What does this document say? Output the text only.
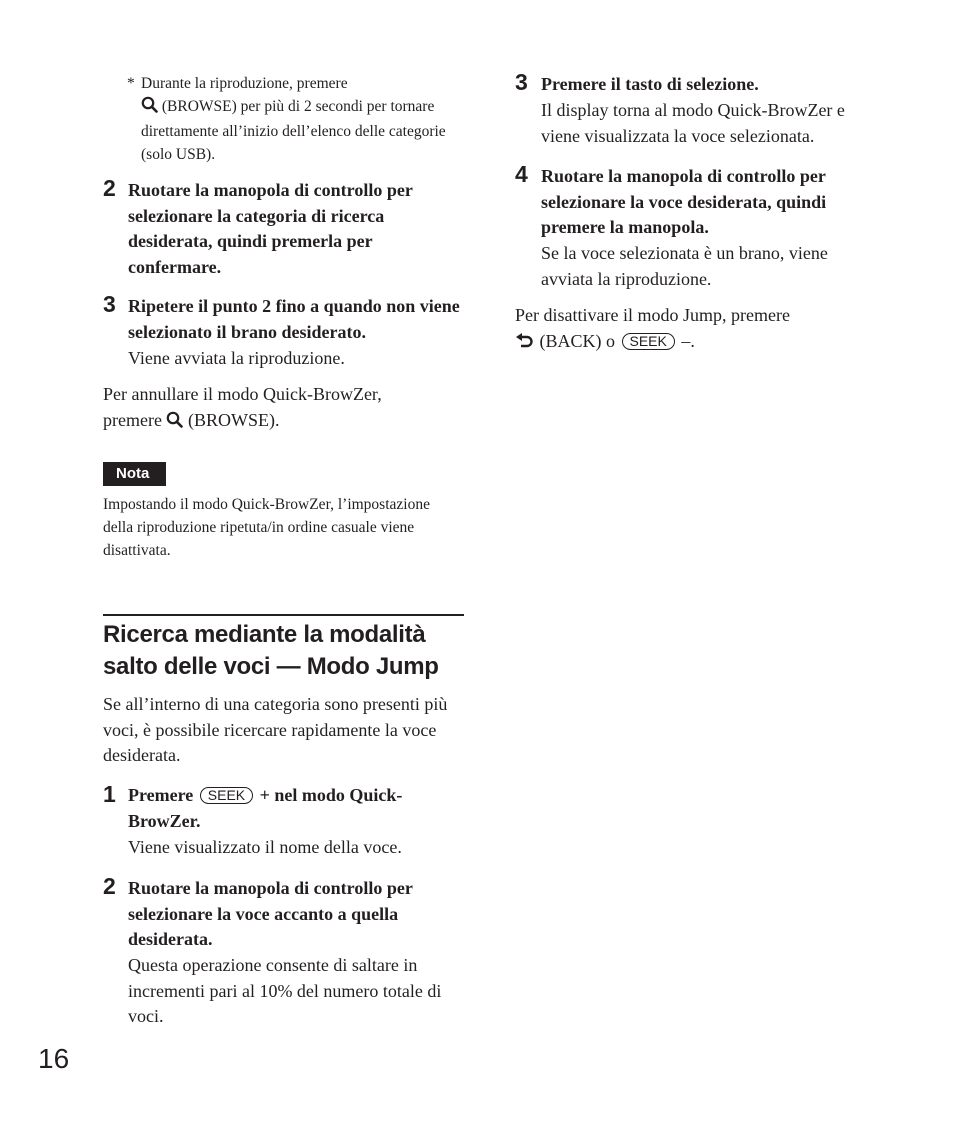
* Durante la riproduzione, premere
(BROWSE) per più di 2 secondi per tornare direttamente all’inizio dell’elenco delle categorie (solo USB).
2 Ruotare la manopola di controllo per selezionare la categoria di ricerca desiderata, quindi premerla per confermare.
3 Ripetere il punto 2 fino a quando non viene selezionato il brano desiderato.
Viene avviata la riproduzione.
Per annullare il modo Quick-BrowZer,
premere (BROWSE).
Nota
Impostando il modo Quick-BrowZer, l’impostazione della riproduzione ripetuta/in ordine casuale viene disattivata.
Ricerca mediante la modalità
salto delle voci — Modo Jump
Se all’interno di una categoria sono presenti più voci, è possibile ricercare rapidamente la voce desiderata.
1 Premere SEEK + nel modo Quick-
BrowZer.
Viene visualizzato il nome della voce.
2 Ruotare la manopola di controllo per selezionare la voce accanto a quella desiderata.
Questa operazione consente di saltare in incrementi pari al 10% del numero totale di voci.
16
3 Premere il tasto di selezione.
Il display torna al modo Quick-BrowZer e viene visualizzata la voce selezionata.
4 Ruotare la manopola di controllo per selezionare la voce desiderata, quindi premere la manopola.
Se la voce selezionata è un brano, viene avviata la riproduzione.
Per disattivare il modo Jump, premere
(BACK) o SEEK –.
